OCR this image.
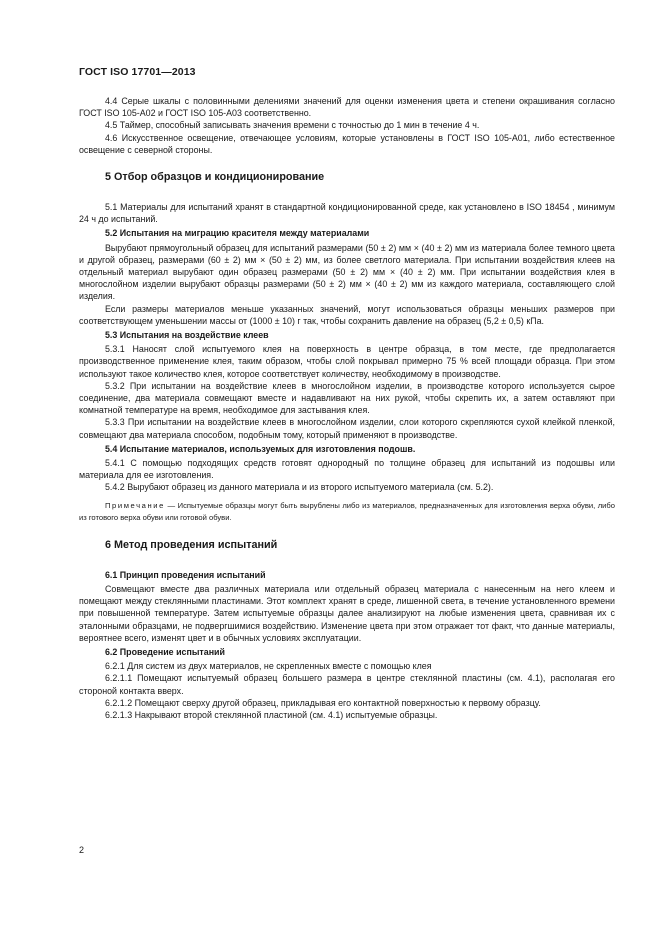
ГОСТ ISO 17701—2013

4.4 Серые шкалы с половинными делениями значений для оценки изменения цвета и степени окрашивания согласно ГОСТ ISO 105-А02 и ГОСТ ISO 105-А03 соответственно.

4.5 Таймер, способный записывать значения времени с точностью до 1 мин в течение 4 ч.

4.6 Искусственное освещение, отвечающее условиям, которые установлены в ГОСТ ISO 105-А01, либо естественное освещение с северной стороны.

5 Отбор образцов и кондиционирование

5.1 Материалы для испытаний хранят в стандартной кондиционированной среде, как установлено в ISO 18454 , минимум 24 ч до испытаний.

5.2 Испытания на миграцию красителя между материалами

Вырубают прямоугольный образец для испытаний размерами (50 ± 2) мм × (40 ± 2) мм из материала более темного цвета и другой образец, размерами (60 ± 2) мм × (50 ± 2) мм, из более светлого материала. При испытании воздействия клеев на отдельный материал вырубают один образец размерами (50 ± 2) мм × (40 ± 2) мм. При испытании воздействия клея в многослойном изделии вырубают образцы размерами (50 ± 2) мм × (40 ± 2) мм из каждого материала, составляющего слой изделия.

Если размеры материалов меньше указанных значений, могут использоваться образцы меньших размеров при соответствующем уменьшении массы от (1000 ± 10) г так, чтобы сохранить давление на образец (5,2 ± 0,5) кПа.

5.3 Испытания на воздействие клеев

5.3.1 Наносят слой испытуемого клея на поверхность в центре образца, в том месте, где предполагается производственное применение клея, таким образом, чтобы слой покрывал примерно 75 % всей площади образца. При этом используют такое количество клея, которое соответствует количеству, необходимому в производстве.

5.3.2 При испытании на воздействие клеев в многослойном изделии, в производстве которого используется сырое соединение, два материала совмещают вместе и надавливают на них рукой, чтобы скрепить их, а затем оставляют при комнатной температуре на время, необходимое для застывания клея.

5.3.3 При испытании на воздействие клеев в многослойном изделии, слои которого скрепляются сухой клейкой пленкой, совмещают два материала способом, подобным тому, который применяют в производстве.

5.4 Испытание материалов, используемых для изготовления подошв.

5.4.1 С помощью подходящих средств готовят однородный по толщине образец для испытаний из подошвы или материала для ее изготовления.

5.4.2 Вырубают образец из данного материала и из второго испытуемого материала (см. 5.2).

Примечание — Испытуемые образцы могут быть вырублены либо из материалов, предназначенных для изготовления верха обуви, либо из готового верха обуви или готовой обуви.

6 Метод проведения испытаний

6.1 Принцип проведения испытаний

Совмещают вместе два различных материала или отдельный образец материала с нанесенным на него клеем и помещают между стеклянными пластинами. Этот комплект хранят в среде, лишенной света, в течение установленного времени при повышенной температуре. Затем испытуемые образцы далее анализируют на любые изменения цвета, сравнивая их с эталонными образцами, не подвергшимися воздействию. Изменение цвета при этом отражает тот факт, что данные материалы, вероятнее всего, изменят цвет и в обычных условиях эксплуатации.

6.2 Проведение испытаний

6.2.1 Для систем из двух материалов, не скрепленных вместе с помощью клея

6.2.1.1 Помещают испытуемый образец большего размера в центре стеклянной пластины (см. 4.1), располагая его стороной контакта вверх.

6.2.1.2 Помещают сверху другой образец, прикладывая его контактной поверхностью к первому образцу.

6.2.1.3 Накрывают второй стеклянной пластиной (см. 4.1) испытуемые образцы.

2
